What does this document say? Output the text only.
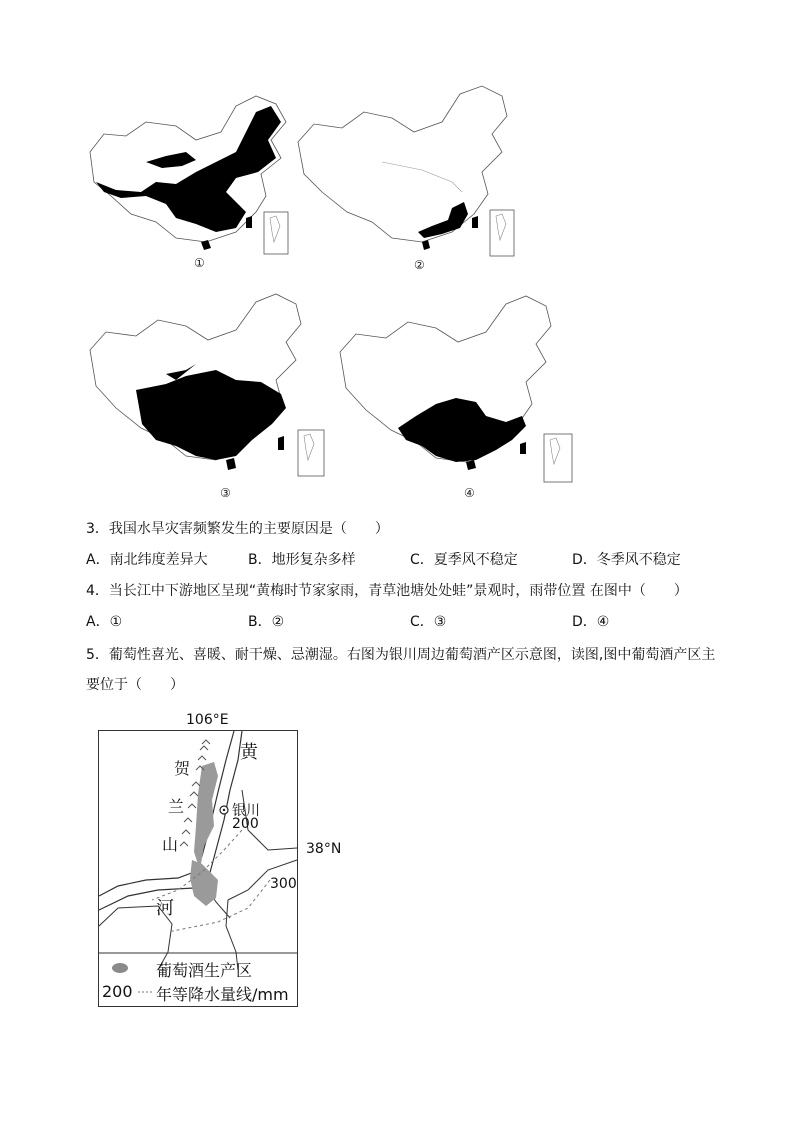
①	②
③	④
3．我国水旱灾害频繁发生的主要原因是（　　）
A．南北纬度差异大	B．地形复杂多样	C．夏季风不稳定	D．冬季风不稳定
4．当长江中下游地区呈现“黄梅时节家家雨，青草池塘处处蛙”景观时，雨带位置 在图中（　　）
A．①	B．②	C．③	D．④
5．葡萄性喜光、喜暖、耐干燥、忌潮湿。右图为银川周边葡萄酒产区示意图，读图,图中葡萄酒产区主
要位于（　　）
106°E
黄
贺
兰
山
银川
200
300
河
葡萄酒生产区
200 年等降水量线/mm
38°N
